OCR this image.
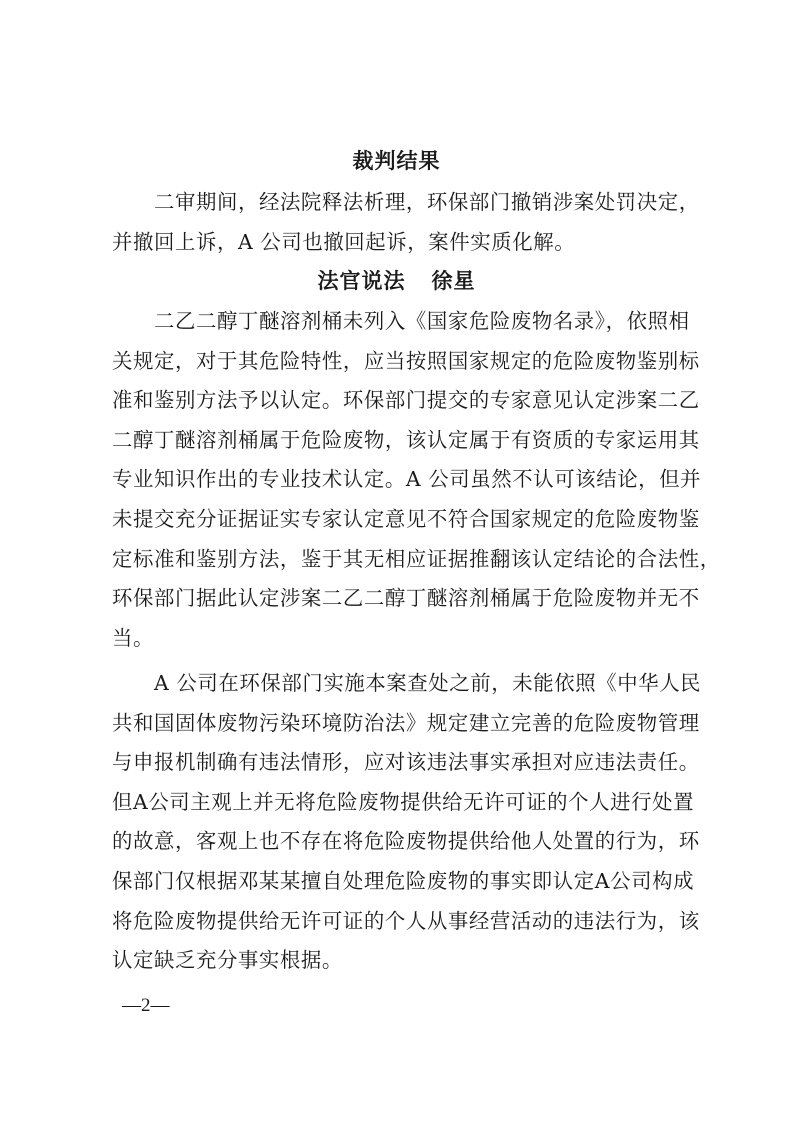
裁判结果
二审期间，经法院释法析理，环保部门撤销涉案处罚决定，
并撤回上诉，A 公司也撤回起诉，案件实质化解。
法官说法 徐星
二乙二醇丁醚溶剂桶未列入《国家危险废物名录》，依照相
关规定，对于其危险特性，应当按照国家规定的危险废物鉴别标
准和鉴别方法予以认定。环保部门提交的专家意见认定涉案二乙
二醇丁醚溶剂桶属于危险废物，该认定属于有资质的专家运用其
专业知识作出的专业技术认定。A 公司虽然不认可该结论，但并
未提交充分证据证实专家认定意见不符合国家规定的危险废物鉴
定标准和鉴别方法，鉴于其无相应证据推翻该认定结论的合法性，
环保部门据此认定涉案二乙二醇丁醚溶剂桶属于危险废物并无不
当。
A 公司在环保部门实施本案查处之前，未能依照《中华人民
共和国固体废物污染环境防治法》规定建立完善的危险废物管理
与申报机制确有违法情形，应对该违法事实承担对应违法责任。
但A公司主观上并无将危险废物提供给无许可证的个人进行处置
的故意，客观上也不存在将危险废物提供给他人处置的行为，环
保部门仅根据邓某某擅自处理危险废物的事实即认定A公司构成
将危险废物提供给无许可证的个人从事经营活动的违法行为，该
认定缺乏充分事实根据。
—2—
